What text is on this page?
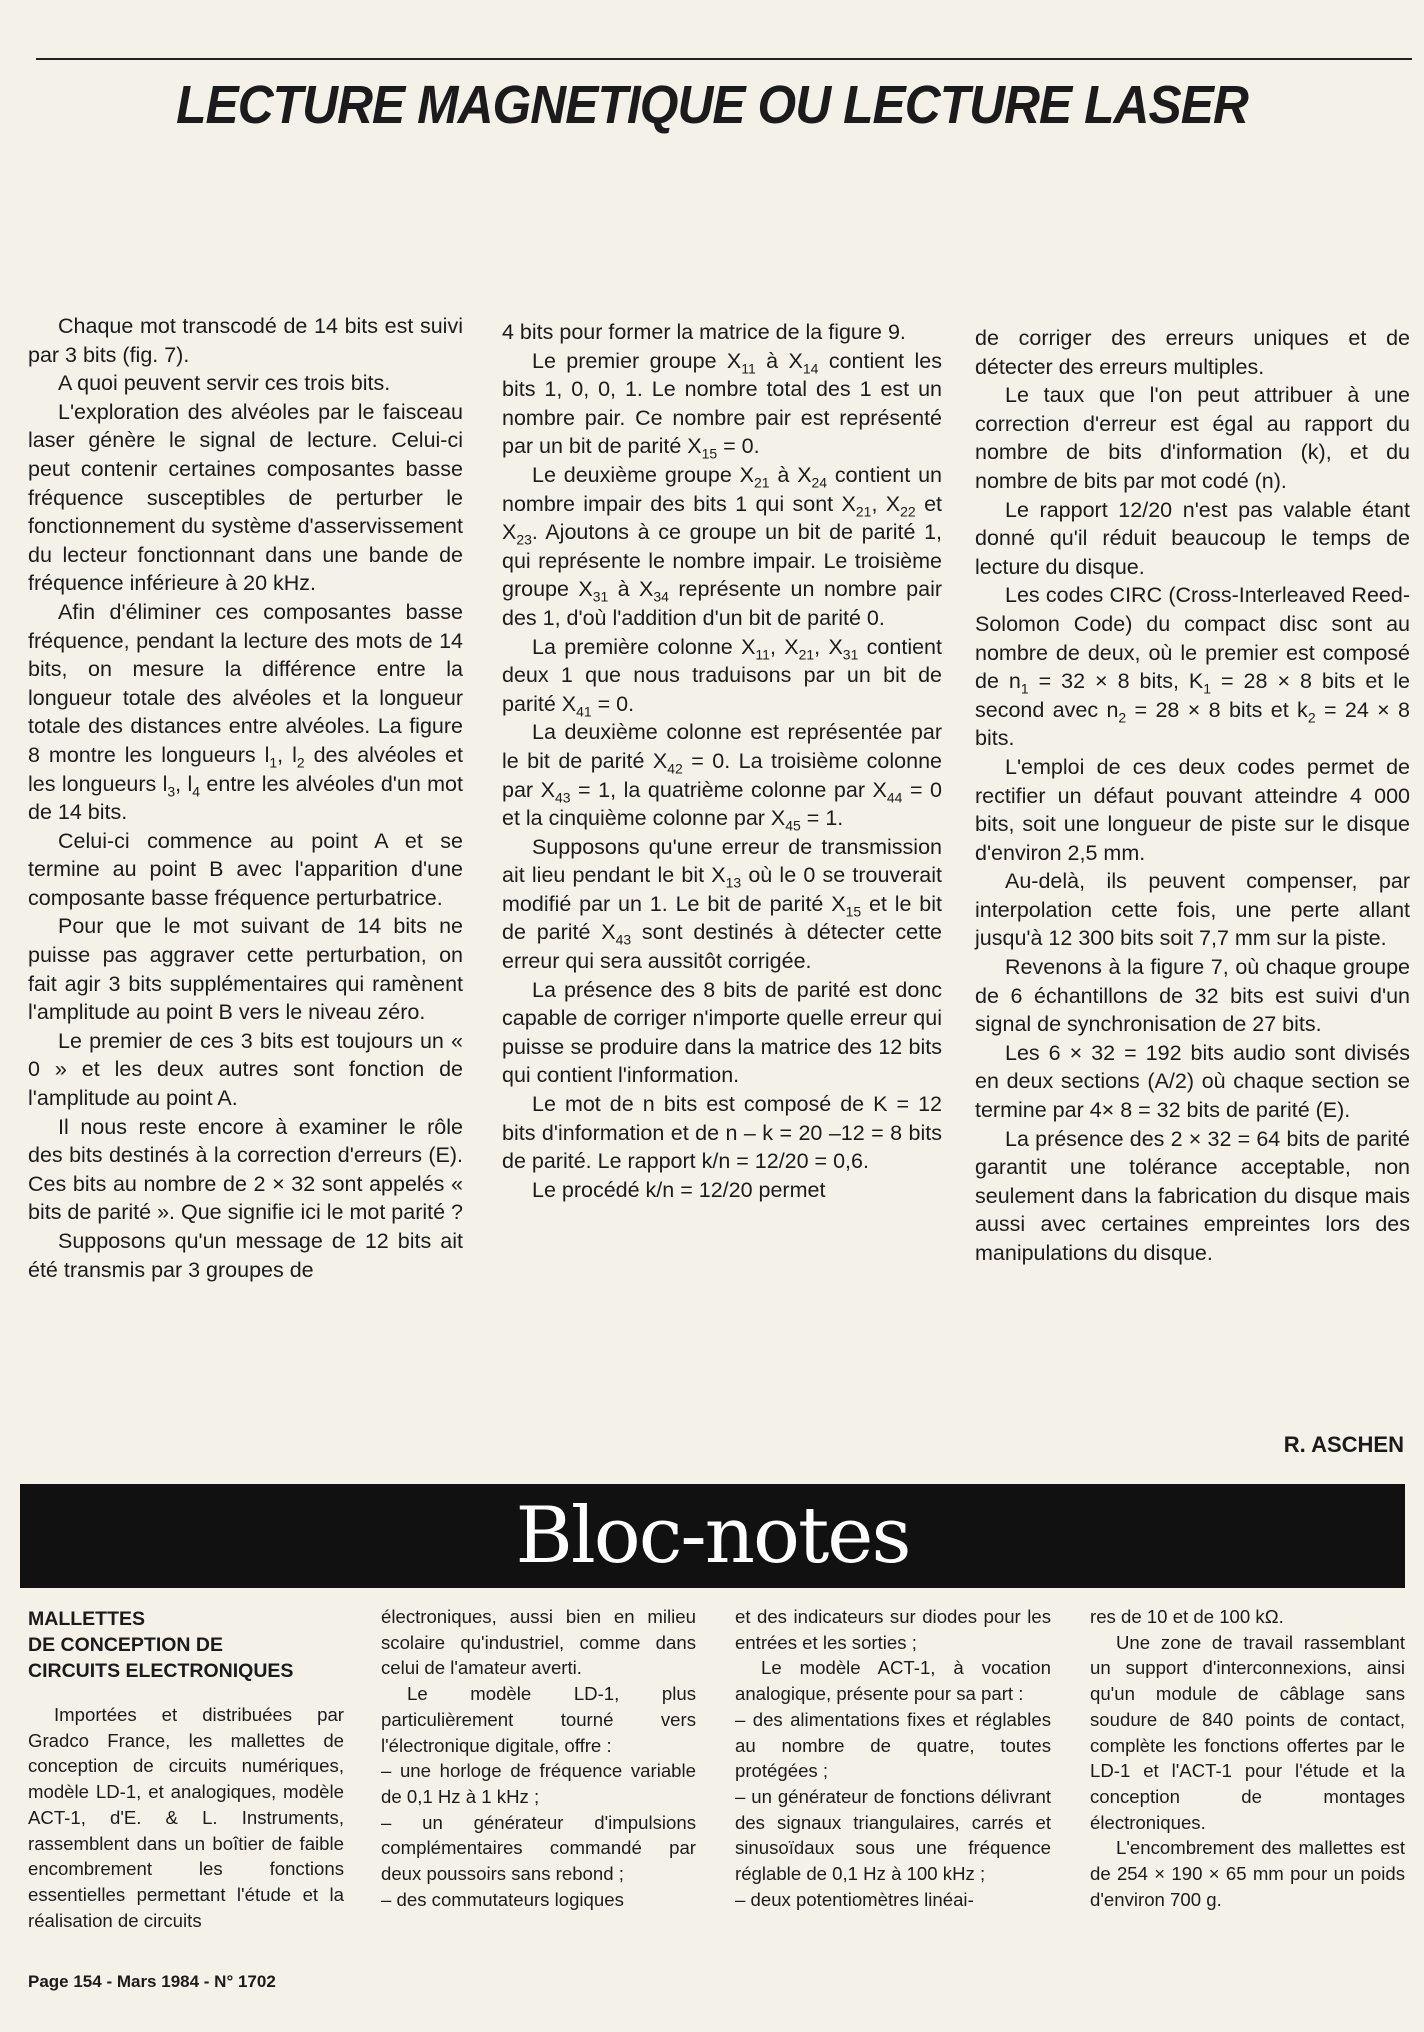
LECTURE MAGNETIQUE OU LECTURE LASER

Chaque mot transcodé de 14 bits est suivi par 3 bits (fig. 7).

A quoi peuvent servir ces trois bits.

L'exploration des alvéoles par le faisceau laser génère le signal de lecture. Celui-ci peut contenir certaines composantes basse fréquence susceptibles de perturber le fonctionnement du système d'asservissement du lecteur fonctionnant dans une bande de fréquence inférieure à 20 kHz.

Afin d'éliminer ces composantes basse fréquence, pendant la lecture des mots de 14 bits, on mesure la différence entre la longueur totale des alvéoles et la longueur totale des distances entre alvéoles. La figure 8 montre les longueurs $l_1$, $l_2$ des alvéoles et les longueurs $l_3$, $l_4$ entre les alvéoles d'un mot de 14 bits.

Celui-ci commence au point A et se termine au point B avec l'apparition d'une composante basse fréquence perturbatrice.

Pour que le mot suivant de 14 bits ne puisse pas aggraver cette perturbation, on fait agir 3 bits supplémentaires qui ramènent l'amplitude au point B vers le niveau zéro.

Le premier de ces 3 bits est toujours un « 0 » et les deux autres sont fonction de l'amplitude au point A.

Il nous reste encore à examiner le rôle des bits destinés à la correction d'erreurs (E). Ces bits au nombre de 2 × 32 sont appelés « bits de parité ». Que signifie ici le mot parité ?

Supposons qu'un message de 12 bits ait été transmis par 3 groupes de

4 bits pour former la matrice de la figure 9.

Le premier groupe $X_{11}$ à $X_{14}$ contient les bits 1, 0, 0, 1. Le nombre total des 1 est un nombre pair. Ce nombre pair est représenté par un bit de parité $X_{15} = 0$.

Le deuxième groupe $X_{21}$ à $X_{24}$ contient un nombre impair des bits 1 qui sont $X_{21}$, $X_{22}$ et $X_{23}$. Ajoutons à ce groupe un bit de parité 1, qui représente le nombre impair. Le troisième groupe $X_{31}$ à $X_{34}$ représente un nombre pair des 1, d'où l'addition d'un bit de parité 0.

La première colonne $X_{11}$, $X_{21}$, $X_{31}$ contient deux 1 que nous traduisons par un bit de parité $X_{41} = 0$.

La deuxième colonne est représentée par le bit de parité $X_{42} = 0$. La troisième colonne par $X_{43} = 1$, la quatrième colonne par $X_{44} = 0$ et la cinquième colonne par $X_{45} = 1$.

Supposons qu'une erreur de transmission ait lieu pendant le bit $X_{13}$ où le 0 se trouverait modifié par un 1. Le bit de parité $X_{15}$ et le bit de parité $X_{43}$ sont destinés à détecter cette erreur qui sera aussitôt corrigée.

La présence des 8 bits de parité est donc capable de corriger n'importe quelle erreur qui puisse se produire dans la matrice des 12 bits qui contient l'information.

Le mot de n bits est composé de K = 12 bits d'information et de n – k = 20 –12 = 8 bits de parité. Le rapport k/n = 12/20 = 0,6.

Le procédé k/n = 12/20 permet

de corriger des erreurs uniques et de détecter des erreurs multiples.

Le taux que l'on peut attribuer à une correction d'erreur est égal au rapport du nombre de bits d'information (k), et du nombre de bits par mot codé (n).

Le rapport 12/20 n'est pas valable étant donné qu'il réduit beaucoup le temps de lecture du disque.

Les codes CIRC (Cross-Interleaved Reed-Solomon Code) du compact disc sont au nombre de deux, où le premier est composé de $n_1 = 32 \times 8$ bits, $K_1 = 28 \times 8$ bits et le second avec $n_2 = 28 \times 8$ bits et $k_2 = 24 \times 8$ bits.

L'emploi de ces deux codes permet de rectifier un défaut pouvant atteindre 4 000 bits, soit une longueur de piste sur le disque d'environ 2,5 mm.

Au-delà, ils peuvent compenser, par interpolation cette fois, une perte allant jusqu'à 12 300 bits soit 7,7 mm sur la piste.

Revenons à la figure 7, où chaque groupe de 6 échantillons de 32 bits est suivi d'un signal de synchronisation de 27 bits.

Les 6 × 32 = 192 bits audio sont divisés en deux sections (A/2) où chaque section se termine par 4× 8 = 32 bits de parité (E).

La présence des 2 × 32 = 64 bits de parité garantit une tolérance acceptable, non seulement dans la fabrication du disque mais aussi avec certaines empreintes lors des manipulations du disque.

R. ASCHEN
Bloc-notes
MALLETTES
DE CONCEPTION DE
CIRCUITS ELECTRONIQUES

Importées et distribuées par Gradco France, les mallettes de conception de circuits numériques, modèle LD-1, et analogiques, modèle ACT-1, d'E. & L. Instruments, rassemblent dans un boîtier de faible encombrement les fonctions essentielles permettant l'étude et la réalisation de circuits

électroniques, aussi bien en milieu scolaire qu'industriel, comme dans celui de l'amateur averti.

Le modèle LD-1, plus particulièrement tourné vers l'électronique digitale, offre :

– une horloge de fréquence variable de 0,1 Hz à 1 kHz ;

– un générateur d'impulsions complémentaires commandé par deux poussoirs sans rebond ;

– des commutateurs logiques

et des indicateurs sur diodes pour les entrées et les sorties ;

Le modèle ACT-1, à vocation analogique, présente pour sa part :

– des alimentations fixes et réglables au nombre de quatre, toutes protégées ;

– un générateur de fonctions délivrant des signaux triangulaires, carrés et sinusoïdaux sous une fréquence réglable de 0,1 Hz à 100 kHz ;

– deux potentiomètres linéai-

res de 10 et de 100 kΩ.

Une zone de travail rassemblant un support d'interconnexions, ainsi qu'un module de câblage sans soudure de 840 points de contact, complète les fonctions offertes par le LD-1 et l'ACT-1 pour l'étude et la conception de montages électroniques.

L'encombrement des mallettes est de 254 × 190 × 65 mm pour un poids d'environ 700 g.

Page 154 - Mars 1984 - N° 1702
